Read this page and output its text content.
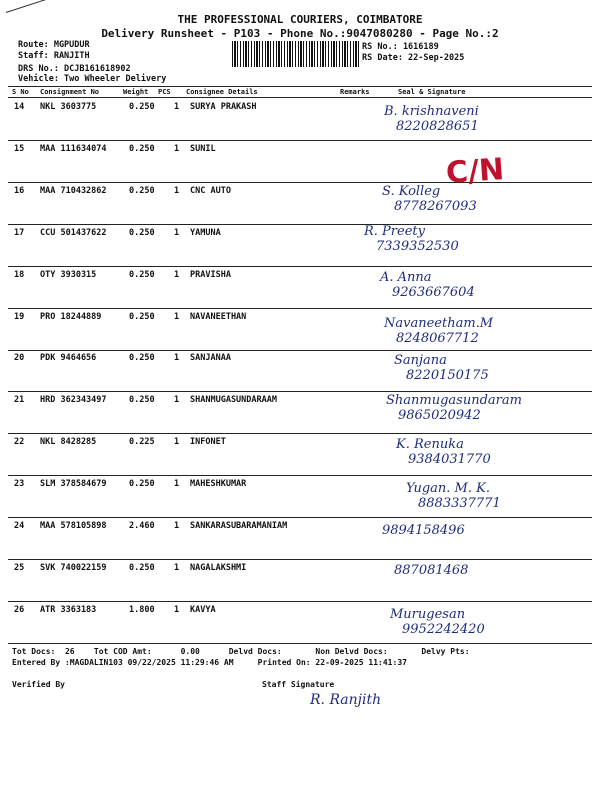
THE PROFESSIONAL COURIERS, COIMBATORE
Delivery Runsheet - P103 - Phone No.:9047080280 - Page No.:2
Route: MGPUDUR
Staff: RANJITH
DRS No.: DCJB161618902
Vehicle: Two Wheeler Delivery
RS No.: 1616189
RS Date: 22-Sep-2025
S No Consignment No	Weight PCS Consignee Details	Remarks	Seal & Signature
14 NKL 3603775	0.250 1 SURYA PRAKASH	B. krishnaveni
8220828651
15 MAA 111634074	0.250 1 SUNIL
16 MAA 710432862	0.250 1 CNC AUTO	S. Kolleg
8778267093
17 CCU 501437622	0.250 1 YAMUNA	R. Preety
7339352530
18 OTY 3930315	0.250 1 PRAVISHA	A. Anna
9263667604
19 PRO 18244889	0.250 1 NAVANEETHAN	Navaneetham.M
8248067712
20 PDK 9464656	0.250 1 SANJANAA	Sanjana
8220150175
21 HRD 362343497	0.250 1 SHANMUGASUNDARAAM	Shanmugasundaram
9865020942
22 NKL 8428285	0.225 1 INFONET	K. Renuka
9384031770
23 SLM 378584679	0.250 1 MAHESHKUMAR	Yugan. M. K.
8883337771
24 MAA 578105898	2.460 1 SANKARASUBARAMANIAM	9894158496
25 SVK 740022159	0.250 1 NAGALAKSHMI	887081468
26 ATR 3363183	1.800 1 KAVYA	Murugesan
9952242420
C/N
Tot Docs:  26    Tot COD Amt:      0.00      Delvd Docs:       Non Delvd Docs:       Delvy Pts:
Entered By :MAGDALIN103 09/22/2025 11:29:46 AM     Printed On: 22-09-2025 11:41:37
Verified By	Staff Signature
R. Ranjith
